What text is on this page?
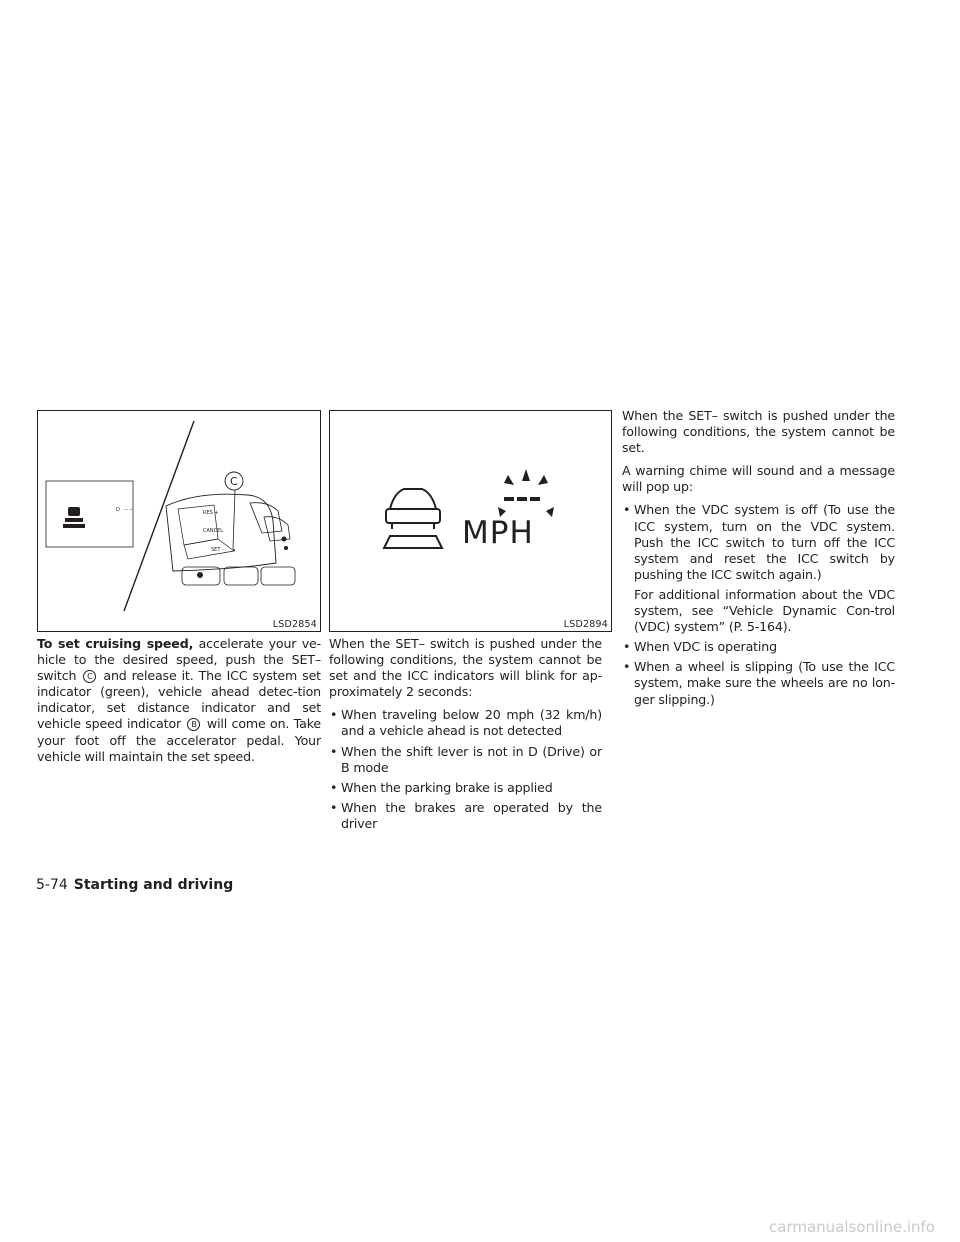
D — —
RES +
CANCEL
SET -
C
LSD2854
MPH
LSD2894

To set cruising speed, accelerate your ve-hicle to the desired speed, push the SET– switch C and release it. The ICC system set indicator (green), vehicle ahead detec-tion indicator, set distance indicator and set vehicle speed indicator B will come on. Take your foot off the accelerator pedal. Your vehicle will maintain the set speed.

When the SET– switch is pushed under the following conditions, the system cannot be set and the ICC indicators will blink for ap-proximately 2 seconds:

• When traveling below 20 mph (32 km/h) and a vehicle ahead is not detected
• When the shift lever is not in D (Drive) or B mode
• When the parking brake is applied
• When the brakes are operated by the driver

When the SET– switch is pushed under the following conditions, the system cannot be set.

A warning chime will sound and a message will pop up:

• When the VDC system is off (To use the ICC system, turn on the VDC system. Push the ICC switch to turn off the ICC system and reset the ICC switch by pushing the ICC switch again.)
For additional information about the VDC system, see “Vehicle Dynamic Con-trol (VDC) system” (P. 5-164).
• When VDC is operating
• When a wheel is slipping (To use the ICC system, make sure the wheels are no lon-ger slipping.)
5-74 Starting and driving
carmanualsonline.info
